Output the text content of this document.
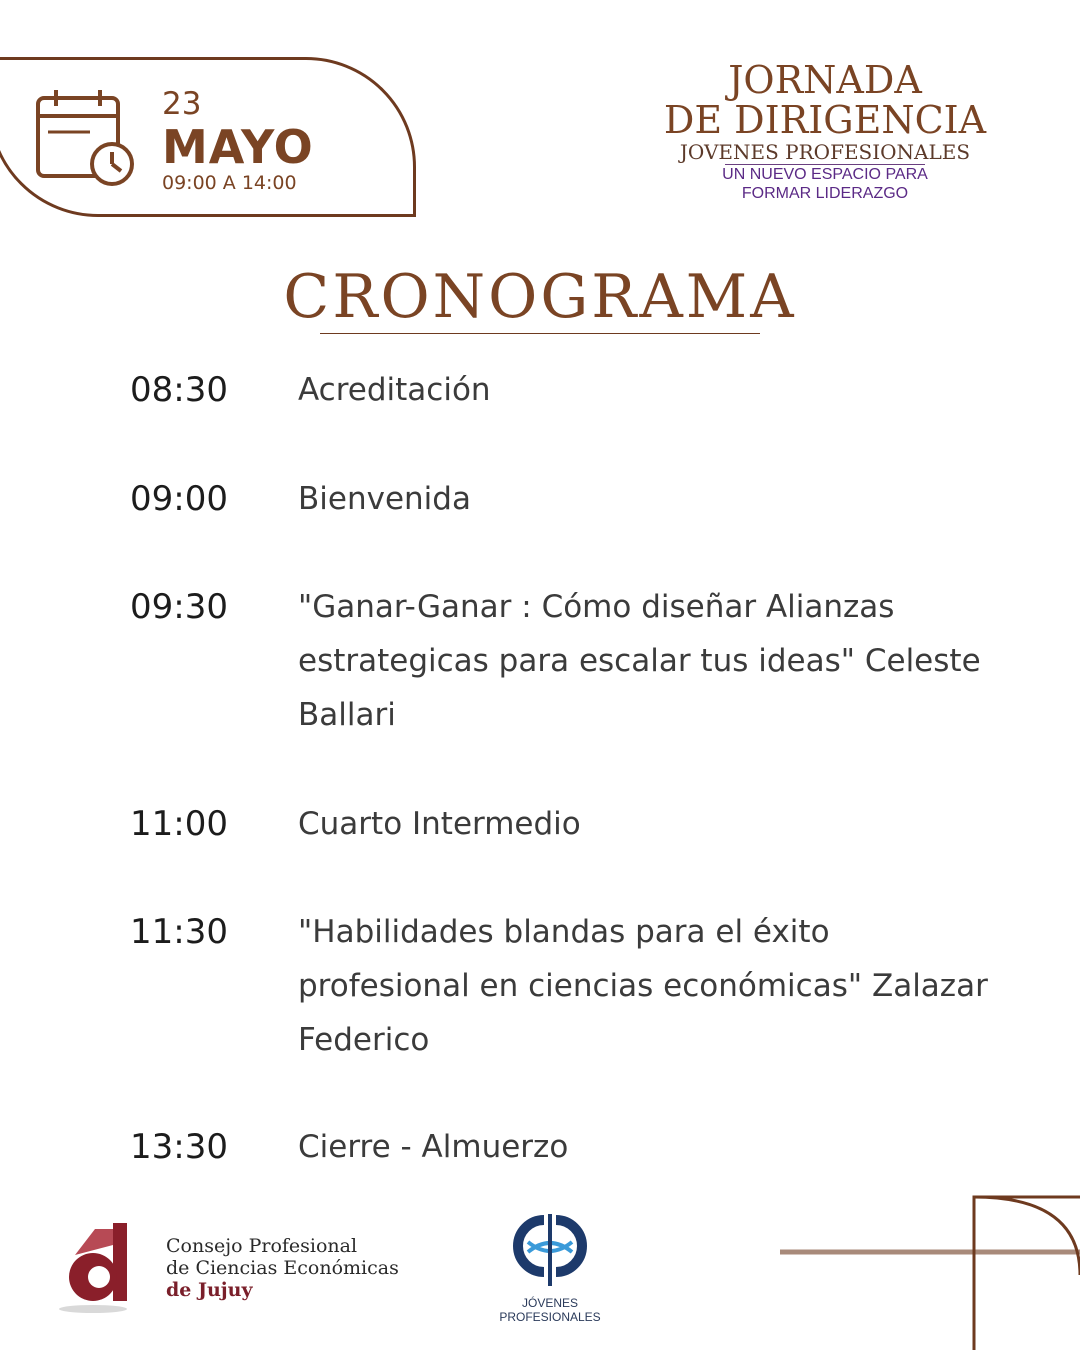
23
MAYO
09:00 A 14:00
JORNADA
DE DIRIGENCIA
JOVENES PROFESIONALES
UN NUEVO ESPACIO PARA
FORMAR LIDERAZGO
CRONOGRAMA
08:30 Acreditación
09:00 Bienvenida
09:30 "Ganar-Ganar : Cómo diseñar Alianzas estrategicas para escalar tus ideas" Celeste Ballari
11:00 Cuarto Intermedio
11:30 "Habilidades blandas para el éxito profesional en ciencias económicas" Zalazar Federico
13:30 Cierre - Almuerzo
Consejo Profesional
de Ciencias Económicas
de Jujuy
JÓVENES PROFESIONALES
